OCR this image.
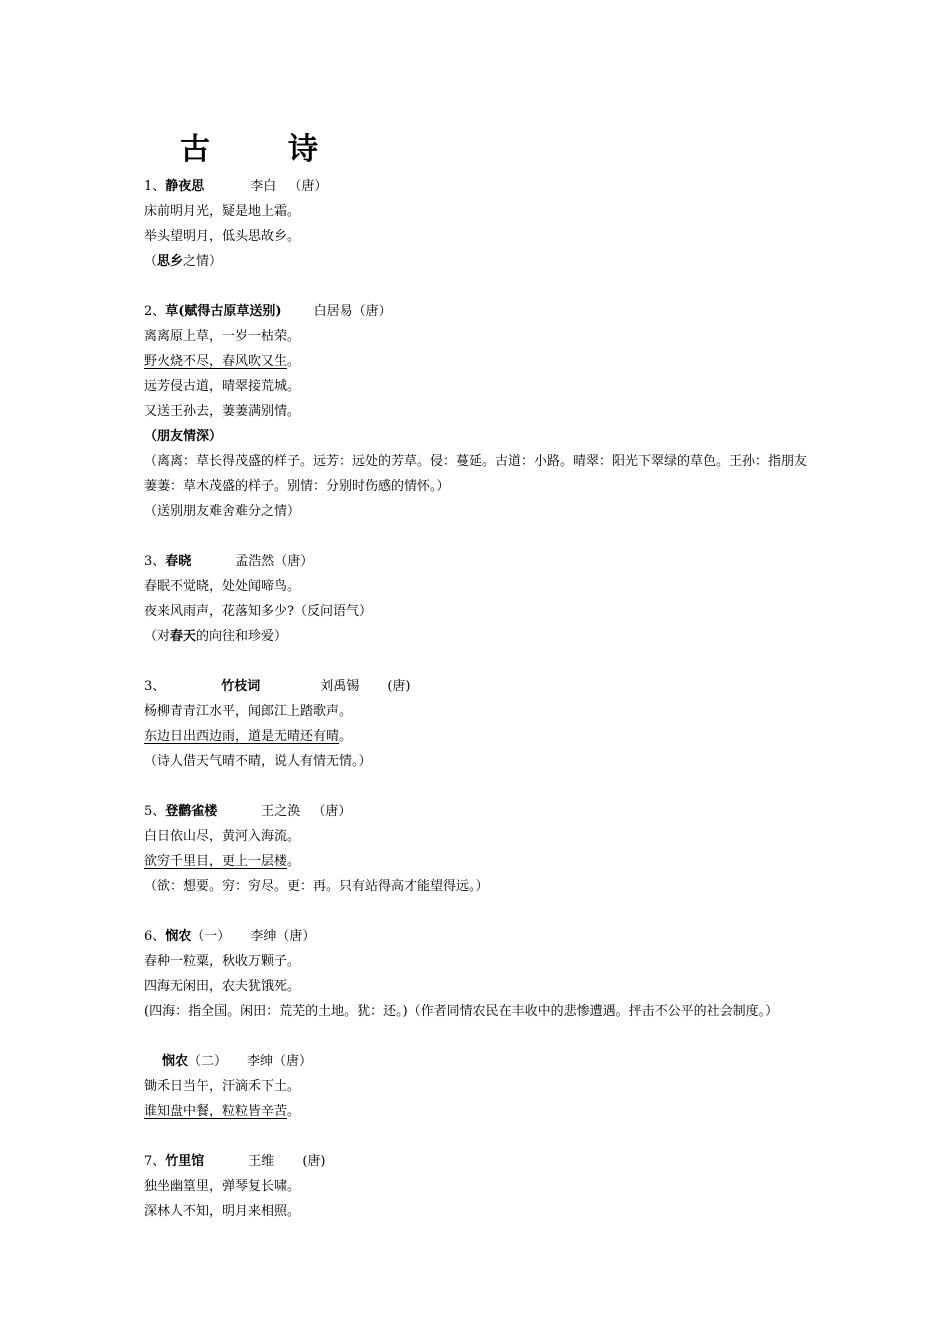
古	诗
1、静夜思	李白 （唐）
床前明月光，疑是地上霜。
举头望明月，低头思故乡。
（思乡之情）
2、草(赋得古原草送别) 白居易（唐）
离离原上草，一岁一枯荣。
野火烧不尽，春风吹又生。
远芳侵古道，晴翠接荒城。
又送王孙去，萋萋满别情。
（朋友情深）
（离离：草长得茂盛的样子。远芳：远处的芳草。侵：蔓延。古道：小路。晴翠：阳光下翠绿的草色。王孙：指朋友
萋萋：草木茂盛的样子。别情：分别时伤感的情怀。）
（送别朋友难舍难分之情）
3、春晓	孟浩然（唐）
春眠不觉晓，处处闻啼鸟。
夜来风雨声，花落知多少?（反问语气）
（对春天的向往和珍爱）
3、	竹枝词	刘禹锡 (唐)
杨柳青青江水平，闻郎江上踏歌声。
东边日出西边雨，道是无晴还有晴。
（诗人借天气晴不晴，说人有情无情。）
5、登鹳雀楼	王之涣 （唐）
白日依山尽，黄河入海流。
欲穷千里目，更上一层楼。
（欲：想要。穷：穷尽。更：再。只有站得高才能望得远。）
6、悯农（一） 李绅（唐）
春种一粒粟，秋收万颗子。
四海无闲田，农夫犹饿死。
(四海：指全国。闲田：荒芜的土地。犹：还。)（作者同情农民在丰收中的悲惨遭遇。抨击不公平的社会制度。）
悯农（二） 李绅（唐）
锄禾日当午，汗滴禾下土。
谁知盘中餐，粒粒皆辛苦。
7、竹里馆	王维 (唐)
独坐幽篁里，弹琴复长啸。
深林人不知，明月来相照。
